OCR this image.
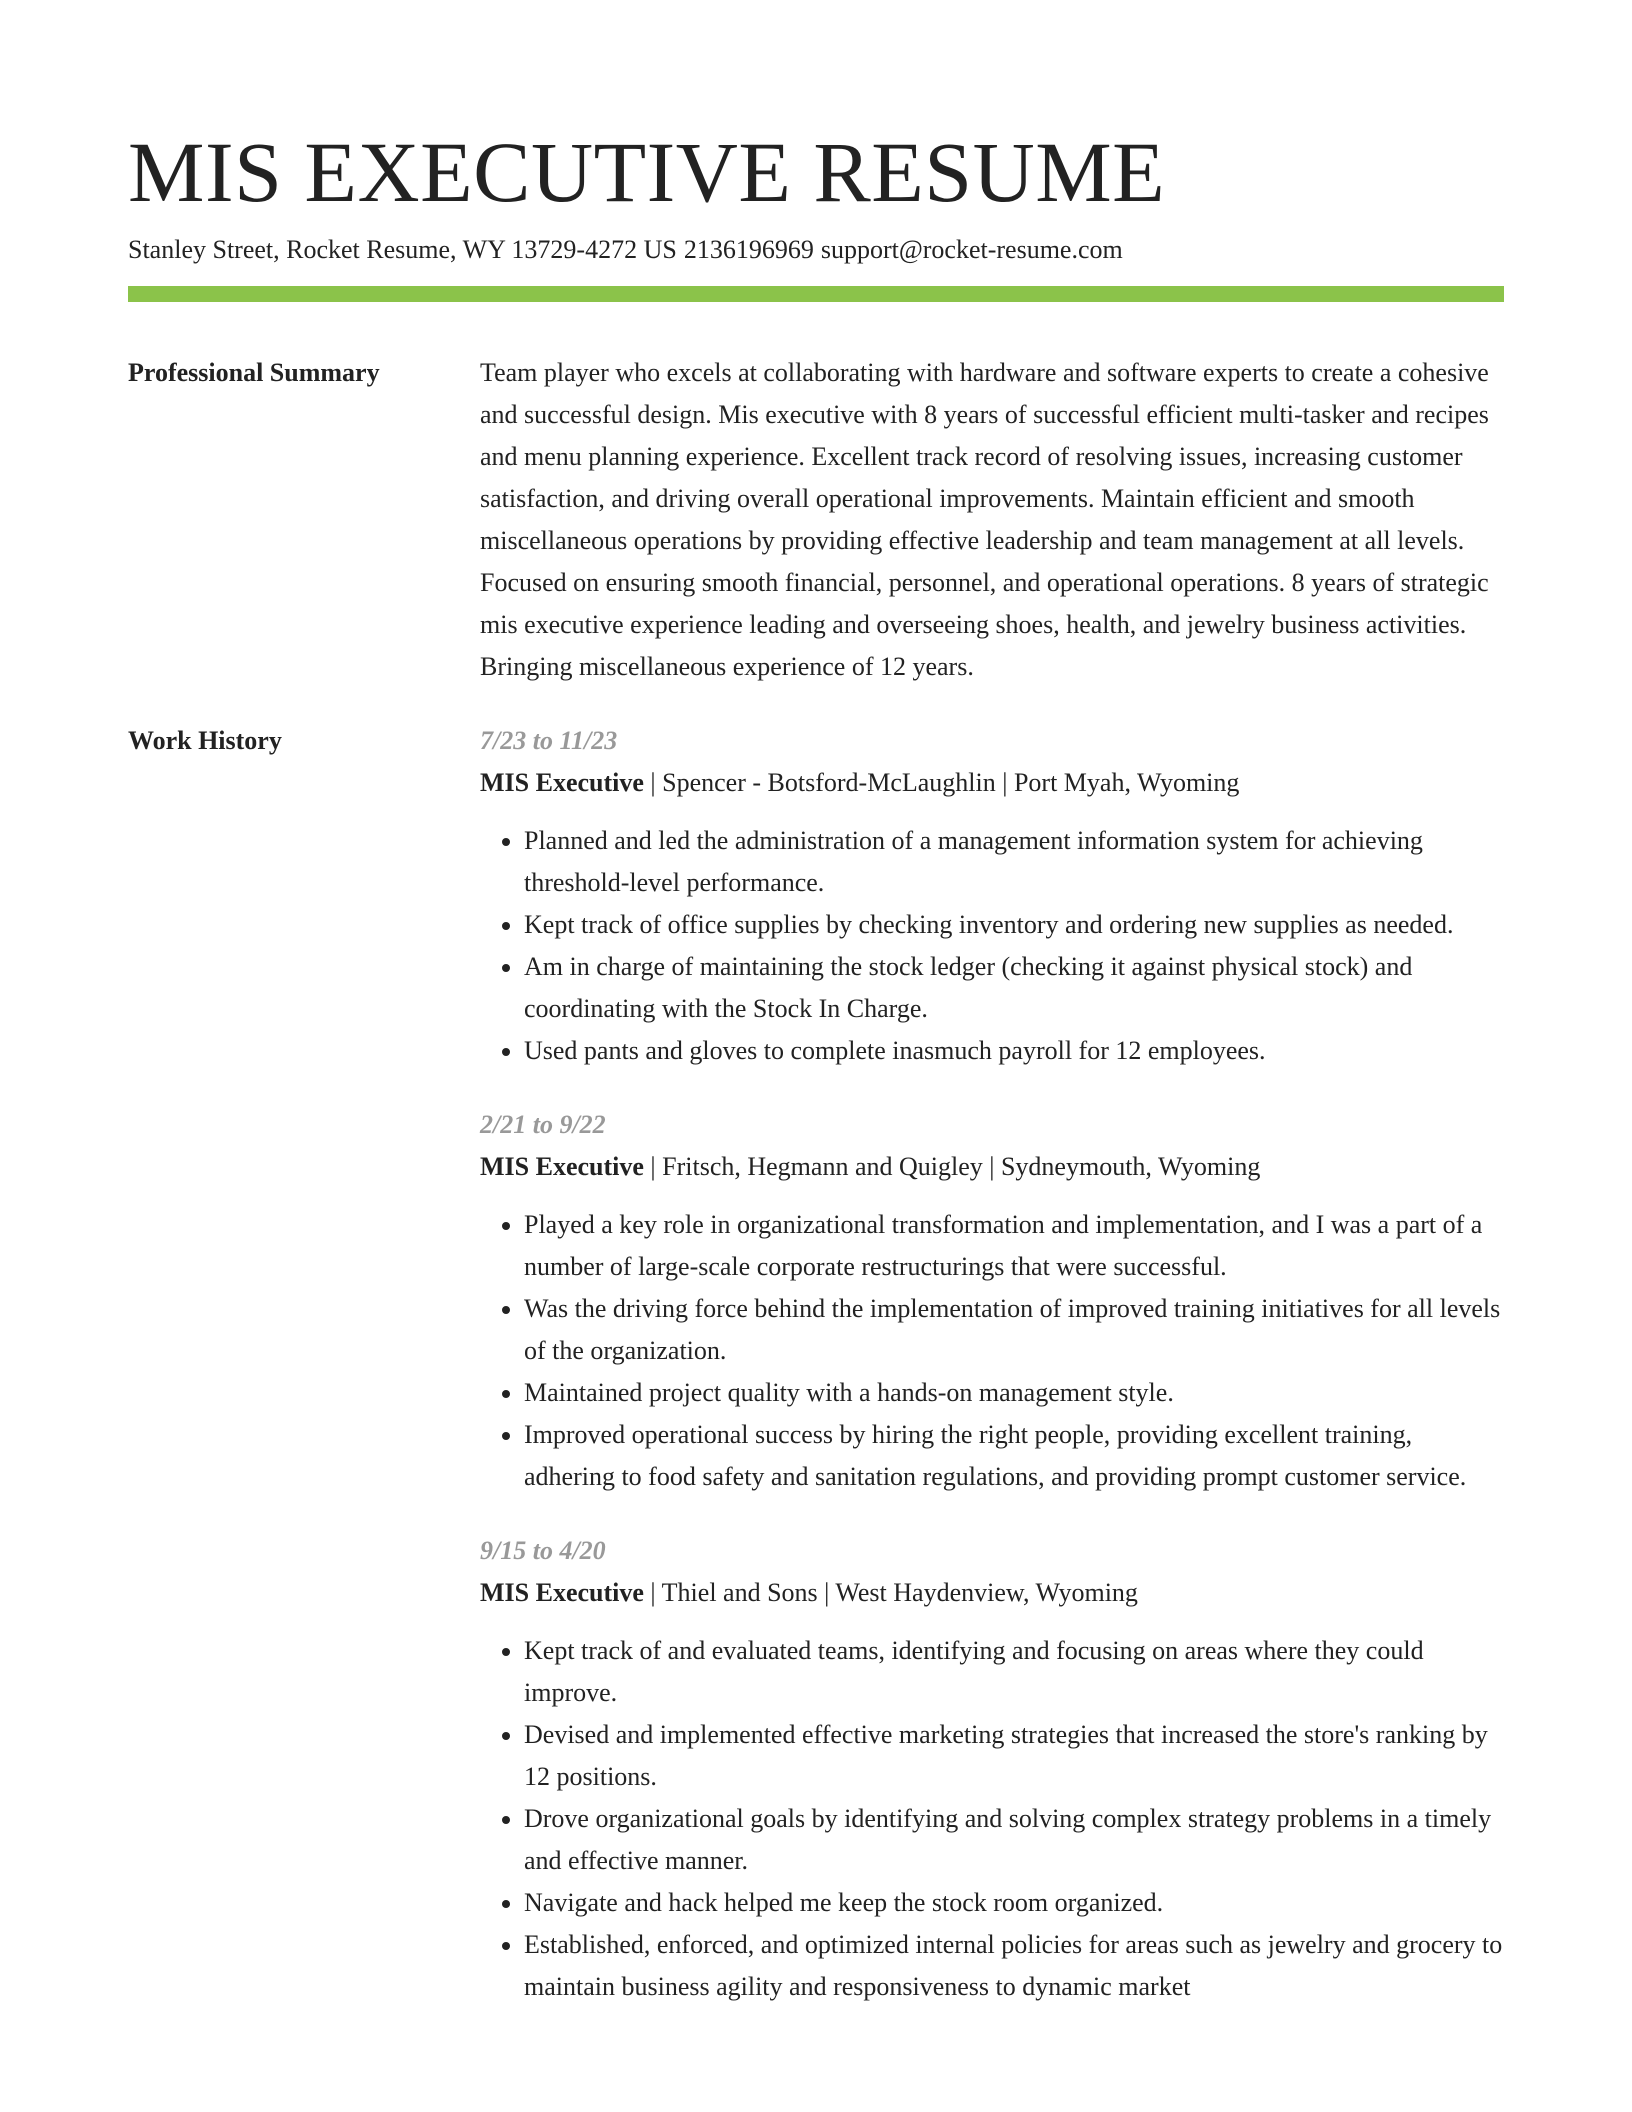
MIS EXECUTIVE RESUME
Stanley Street, Rocket Resume, WY 13729-4272 US 2136196969 support@rocket-resume.com
Professional Summary	Team player who excels at collaborating with hardware and software experts to create a cohesive and successful design. Mis executive with 8 years of successful efficient multi-tasker and recipes and menu planning experience. Excellent track record of resolving issues, increasing customer satisfaction, and driving overall operational improvements. Maintain efficient and smooth miscellaneous operations by providing effective leadership and team management at all levels. Focused on ensuring smooth financial, personnel, and operational operations. 8 years of strategic mis executive experience leading and overseeing shoes, health, and jewelry business activities. Bringing miscellaneous experience of 12 years.

Work History	7/23 to 11/23
MIS Executive | Spencer - Botsford-McLaughlin | Port Myah, Wyoming
• Planned and led the administration of a management information system for achieving threshold-level performance.
• Kept track of office supplies by checking inventory and ordering new supplies as needed.
• Am in charge of maintaining the stock ledger (checking it against physical stock) and coordinating with the Stock In Charge.
• Used pants and gloves to complete inasmuch payroll for 12 employees.
2/21 to 9/22
MIS Executive | Fritsch, Hegmann and Quigley | Sydneymouth, Wyoming
• Played a key role in organizational transformation and implementation, and I was a part of a number of large-scale corporate restructurings that were successful.
• Was the driving force behind the implementation of improved training initiatives for all levels of the organization.
• Maintained project quality with a hands-on management style.
• Improved operational success by hiring the right people, providing excellent training, adhering to food safety and sanitation regulations, and providing prompt customer service.
9/15 to 4/20
MIS Executive | Thiel and Sons | West Haydenview, Wyoming
• Kept track of and evaluated teams, identifying and focusing on areas where they could improve.
• Devised and implemented effective marketing strategies that increased the store's ranking by 12 positions.
• Drove organizational goals by identifying and solving complex strategy problems in a timely and effective manner.
• Navigate and hack helped me keep the stock room organized.
• Established, enforced, and optimized internal policies for areas such as jewelry and grocery to maintain business agility and responsiveness to dynamic market
